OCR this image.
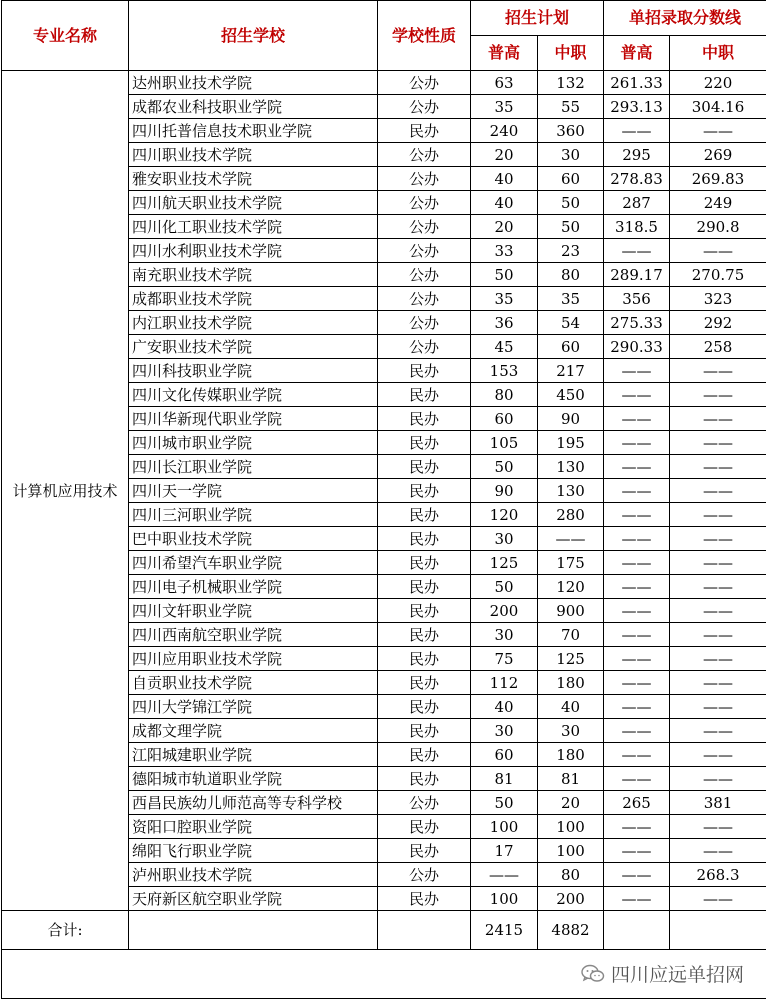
专业名称	招生学校	学校性质	招生计划		单招录取分数线	
			普高	中职	普高	中职
计算机应用技术	达州职业技术学院	公办	63	132	261.33	220
	成都农业科技职业学院	公办	35	55	293.13	304.16
	四川托普信息技术职业学院	民办	240	360	——	——
	四川职业技术学院	公办	20	30	295	269
	雅安职业技术学院	公办	40	60	278.83	269.83
	四川航天职业技术学院	公办	40	50	287	249
	四川化工职业技术学院	公办	20	50	318.5	290.8
	四川水利职业技术学院	公办	33	23	——	——
	南充职业技术学院	公办	50	80	289.17	270.75
	成都职业技术学院	公办	35	35	356	323
	内江职业技术学院	公办	36	54	275.33	292
	广安职业技术学院	公办	45	60	290.33	258
	四川科技职业学院	民办	153	217	——	——
	四川文化传媒职业学院	民办	80	450	——	——
	四川华新现代职业学院	民办	60	90	——	——
	四川城市职业学院	民办	105	195	——	——
	四川长江职业学院	民办	50	130	——	——
	四川天一学院	民办	90	130	——	——
	四川三河职业学院	民办	120	280	——	——
	巴中职业技术学院	民办	30	——	——	——
	四川希望汽车职业学院	民办	125	175	——	——
	四川电子机械职业学院	民办	50	120	——	——
	四川文轩职业学院	民办	200	900	——	——
	四川西南航空职业学院	民办	30	70	——	——
	四川应用职业技术学院	民办	75	125	——	——
	自贡职业技术学院	民办	112	180	——	——
	四川大学锦江学院	民办	40	40	——	——
	成都文理学院	民办	30	30	——	——
	江阳城建职业学院	民办	60	180	——	——
	德阳城市轨道职业学院	民办	81	81	——	——
	西昌民族幼儿师范高等专科学校	公办	50	20	265	381
	资阳口腔职业学院	民办	100	100	——	——
	绵阳飞行职业学院	民办	17	100	——	——
	泸州职业技术学院	公办	——	80	——	268.3
	天府新区航空职业学院	民办	100	200	——	——
合计:			2415	4882		
四川应远单招网
